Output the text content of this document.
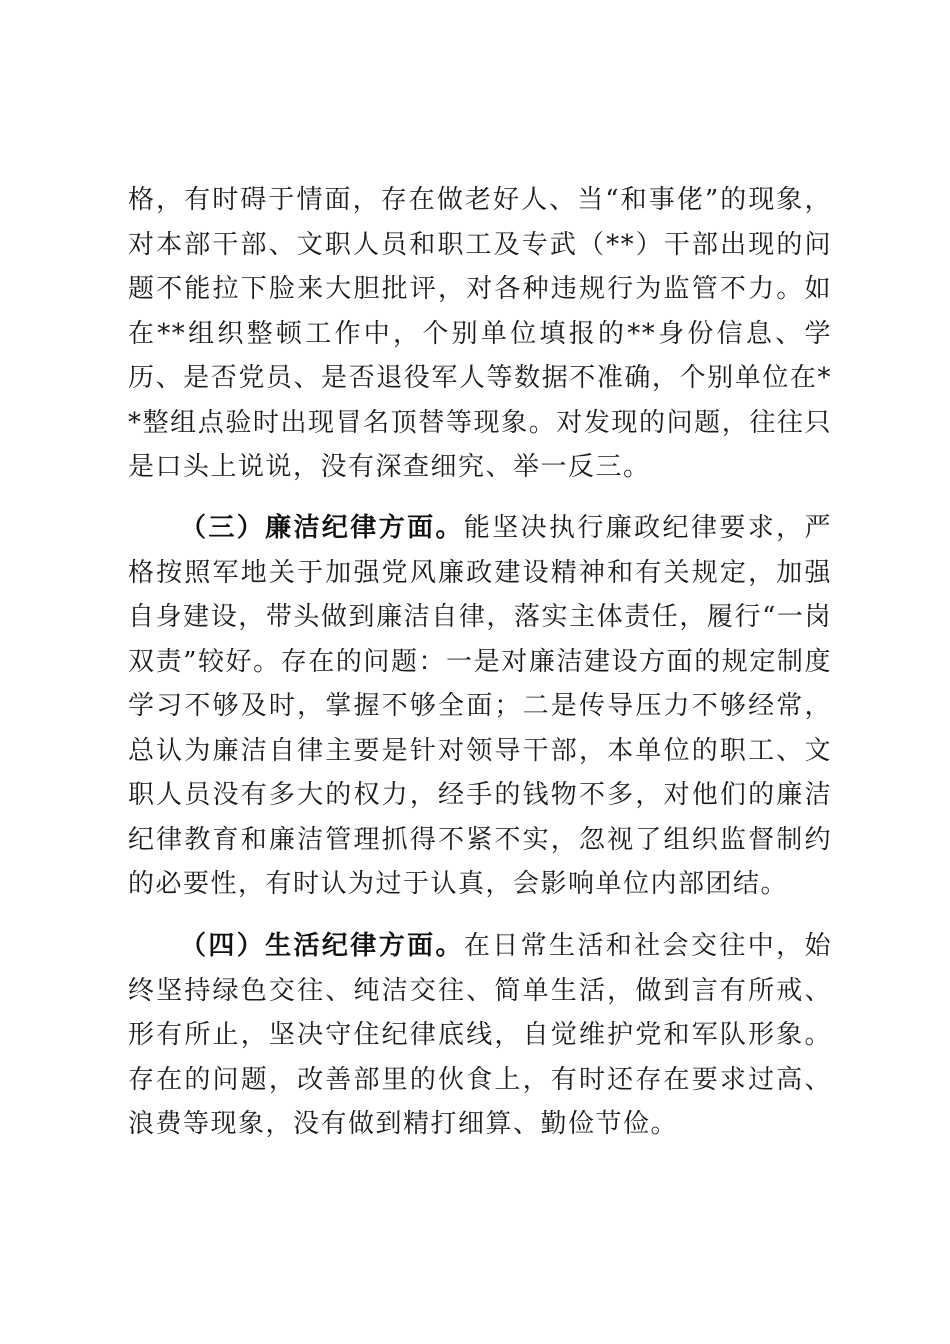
格，有时碍于情面，存在做老好人、当“和事佬”的现象，对本部干部、文职人员和职工及专武（**）干部出现的问题不能拉下脸来大胆批评，对各种违规行为监管不力。如在**组织整顿工作中，个别单位填报的**身份信息、学历、是否党员、是否退役军人等数据不准确，个别单位在**整组点验时出现冒名顶替等现象。对发现的问题，往往只是口头上说说，没有深查细究、举一反三。

（三）廉洁纪律方面。能坚决执行廉政纪律要求，严格按照军地关于加强党风廉政建设精神和有关规定，加强自身建设，带头做到廉洁自律，落实主体责任，履行“一岗双责”较好。存在的问题：一是对廉洁建设方面的规定制度学习不够及时，掌握不够全面；二是传导压力不够经常，总认为廉洁自律主要是针对领导干部，本单位的职工、文职人员没有多大的权力，经手的钱物不多，对他们的廉洁纪律教育和廉洁管理抓得不紧不实，忽视了组织监督制约的必要性，有时认为过于认真，会影响单位内部团结。

（四）生活纪律方面。在日常生活和社会交往中，始终坚持绿色交往、纯洁交往、简单生活，做到言有所戒、形有所止，坚决守住纪律底线，自觉维护党和军队形象。存在的问题，改善部里的伙食上，有时还存在要求过高、浪费等现象，没有做到精打细算、勤俭节俭。
